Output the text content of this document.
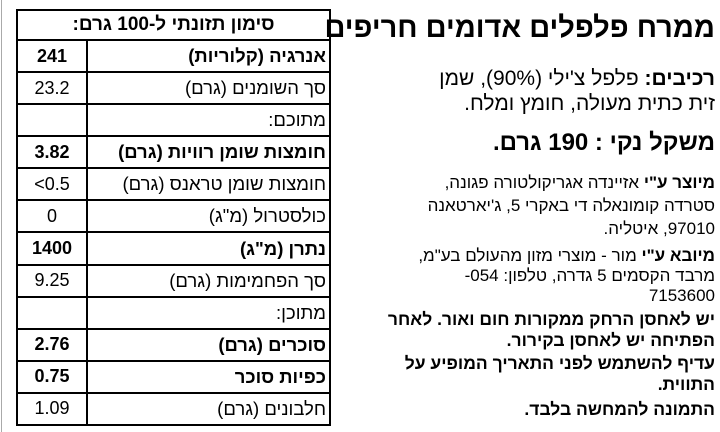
סימון תזונתי ל-100 גרם:
241	אנרגיה (קלוריות)
23.2	סך השומנים (גרם)
מתוכם:
3.82	חומצות שומן רוויות (גרם)
<0.5	חומצות שומן טראנס (גרם)
0	כולסטרול (מ"ג)
1400	נתרן (מ"ג)
9.25	סך הפחמימות (גרם)
מתוכן:
2.76	סוכרים (גרם)
0.75	כפיות סוכר
1.09	חלבונים (גרם)
ממרח פלפלים אדומים חריפים
רכיבים: פלפל צ'ילי (90%), שמן
זית כתית מעולה, חומץ ומלח.
משקל נקי : 190 גרם.
מיוצר ע"י אזיינדה אגריקולטורה פגונה,
סטרדה קומונאלה די באקרי 5, ג'יארטאנה
97010, איטליה.
מיובא ע"י מור - מוצרי מזון מהעולם בע"מ,
מרבד הקסמים 5 גדרה, טלפון: 054-
7153600
יש לאחסן הרחק ממקורות חום ואור. לאחר
הפתיחה יש לאחסן בקירור.
עדיף להשתמש לפני התאריך המופיע על
התווית.
התמונה להמחשה בלבד.
